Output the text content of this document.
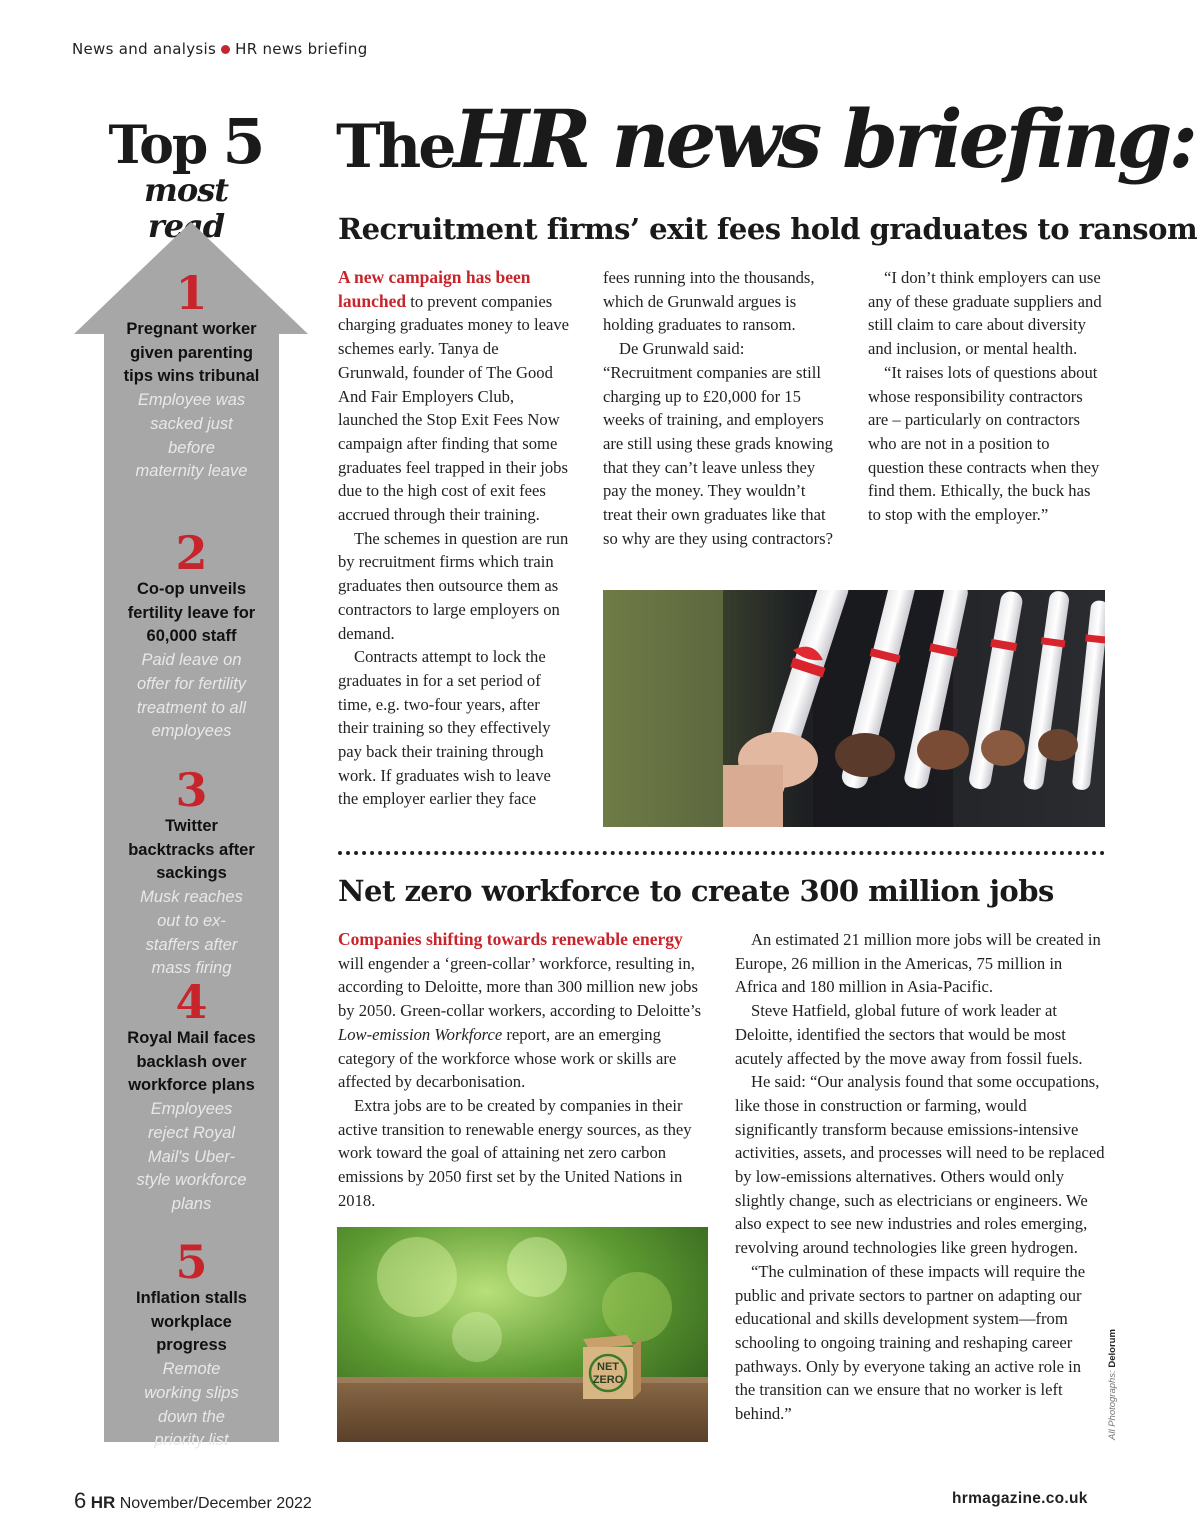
News and analysis HR news briefing
Top 5
most read
1
Pregnant worker given parenting tips wins tribunal
Employee was sacked just before maternity leave
2
Co-op unveils fertility leave for 60,000 staff
Paid leave on offer for fertility treatment to all employees
3
Twitter backtracks after sackings
Musk reaches out to ex-staffers after mass firing
4
Royal Mail faces backlash over workforce plans
Employees reject Royal Mail's Uber-style workforce plans
5
Inflation stalls workplace progress
Remote working slips down the priority list
TheHR news briefing:
Recruitment firms’ exit fees hold graduates to ransom

A new campaign has been launched to prevent companies charging graduates money to leave schemes early. Tanya de Grunwald, founder of The Good And Fair Employers Club, launched the Stop Exit Fees Now campaign after finding that some graduates feel trapped in their jobs due to the high cost of exit fees accrued through their training.

The schemes in question are run by recruitment firms which train graduates then outsource them as contractors to large employers on demand.

Contracts attempt to lock the graduates in for a set period of time, e.g. two-four years, after their training so they effectively pay back their training through work. If graduates wish to leave the employer earlier they face

fees running into the thousands, which de Grunwald argues is holding graduates to ransom.

De Grunwald said:

“Recruitment companies are still charging up to £20,000 for 15 weeks of training, and employers are still using these grads knowing that they can’t leave unless they pay the money. They wouldn’t treat their own graduates like that so why are they using contractors?

“I don’t think employers can use any of these graduate suppliers and still claim to care about diversity and inclusion, or mental health.

“It raises lots of questions about whose responsibility contractors are – particularly on contractors who are not in a position to question these contracts when they find them. Ethically, the buck has to stop with the employer.”

Net zero workforce to create 300 million jobs

Companies shifting towards renewable energy will engender a ‘green-collar’ workforce, resulting in, according to Deloitte, more than 300 million new jobs by 2050. Green-collar workers, according to Deloitte’s Low-emission Workforce report, are an emerging category of the workforce whose work or skills are affected by decarbonisation.

Extra jobs are to be created by companies in their active transition to renewable energy sources, as they work toward the goal of attaining net zero carbon emissions by 2050 first set by the United Nations in 2018.

An estimated 21 million more jobs will be created in Europe, 26 million in the Americas, 75 million in Africa and 180 million in Asia-Pacific.

Steve Hatfield, global future of work leader at Deloitte, identified the sectors that would be most acutely affected by the move away from fossil fuels.

He said: “Our analysis found that some occupations, like those in construction or farming, would significantly transform because emissions-intensive activities, assets, and processes will need to be replaced by low-emissions alternatives. Others would only slightly change, such as electricians or engineers. We also expect to see new industries and roles emerging, revolving around technologies like green hydrogen.

“The culmination of these impacts will require the public and private sectors to partner on adapting our educational and skills development system—from schooling to ongoing training and reshaping career pathways. Only by everyone taking an active role in the transition can we ensure that no worker is left behind.”

NET
ZERO	All Photographs: Delorum
6 HR November/December 2022	hrmagazine.co.uk
